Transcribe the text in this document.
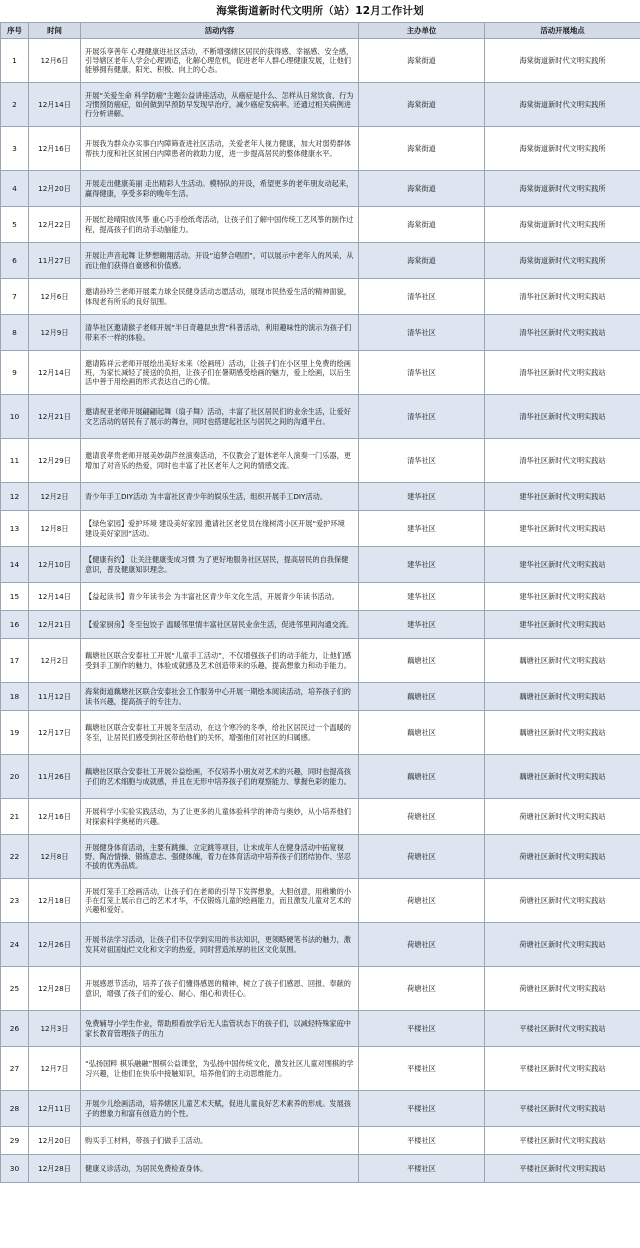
海棠街道新时代文明所（站）12月工作计划
序号	时间	活动内容	主办单位	活动开展地点
1	12月6日	开展乐享善年 心理健康进社区活动，不断增强辖区居民的获得感、幸福感、安全感，引导辖区老年人学会心理调适，化解心理危机，促进老年人群心理健康发展，让他们能够拥有健康、阳光、积极、向上的心态。	海棠街道	海棠街道新时代文明实践所
2	12月14日	开展“关爱生命 科学防癌”主题公益讲座活动，从癌症是什么、怎样从日常饮食、行为习惯预防癌症，如何做到早预防早发现早治疗，减少癌症发病率。还通过相关病例进行分析讲解。	海棠街道	海棠街道新时代文明实践所
3	12月16日	开展我为群众办实事白内障筛查进社区活动，关爱老年人视力健康，加大对弱势群体帮扶力度和社区贫困白内障患者的救助力度，进一步提高居民的整体健康水平。	海棠街道	海棠街道新时代文明实践所
4	12月20日	开展走出健康美丽 走出精彩人生活动。模特队的开设，希望更多的老年朋友动起来，赢得健康，享受多彩的晚年生活。	海棠街道	海棠街道新时代文明实践所
5	12月22日	开展忙趁晴阳放风筝 重心巧手绘纸鸢活动，让孩子们了解中国传统工艺风筝的制作过程，提高孩子们的动手动脑能力。	海棠街道	海棠街道新时代文明实践所
6	11月27日	开展让声音起舞 让梦想翱翔活动。开设“追梦合唱团”，可以展示中老年人的风采，从而让他们获得自豪感和价值感。	海棠街道	海棠街道新时代文明实践所
7	12月6日	邀请孙玲兰老师开展柔力球全民健身活动志愿活动，展现市民热爱生活的精神面貌，体现老有所乐的良好氛围。	清华社区	清华社区新时代文明实践站
8	12月9日	清华社区邀请猴子老师开展“半日奇趣昆虫营”科普活动，利用趣味性的演示为孩子们带来不一样的体验。	清华社区	清华社区新时代文明实践站
9	12月14日	邀请陈祥云老师开展绘出美好未来（绘画班）活动，让孩子们在小区里上免费的绘画班，为家长减轻了接送的负担，让孩子们在暑期感受绘画的魅力，爱上绘画，以后生活中善于用绘画的形式表达自己的心情。	清华社区	清华社区新时代文明实践站
10	12月21日	邀请祝亚老师开展翩翩起舞（扇子舞）活动，丰富了社区居民们的业余生活，让爱好文艺活动的居民有了展示的舞台，同时也搭建起社区与居民之间的沟通平台。	清华社区	清华社区新时代文明实践站
11	12月29日	邀请袁孝贵老师开展美妙葫芦丝演奏活动，不仅教会了退休老年人演奏一门乐器，更增加了对音乐的热爱，同时也丰富了社区老年人之间的情感交流。	清华社区	清华社区新时代文明实践站
12	12月2日	青少年手工DIY活动 为丰富社区青少年的娱乐生活，组织开展手工DIY活动。	建华社区	建华社区新时代文明实践站
13	12月8日	【绿色家园】爱护环境 建设美好家园 邀请社区老党员在缘树湾小区开展“爱护环境 建设美好家园”活动。	建华社区	建华社区新时代文明实践站
14	12月10日	【健康有约】 让关注健康变成习惯 为了更好地服务社区居民，提高居民的自我保健意识，普及健康知识理念。	建华社区	建华社区新时代文明实践站
15	12月14日	【益起读书】青少年读书会 为丰富社区青少年文化生活，开展青少年读书活动。	建华社区	建华社区新时代文明实践站
16	12月21日	【爱家厨房】冬至包饺子 温暖邻里情丰富社区居民业余生活，促进邻里间沟通交流。	建华社区	建华社区新时代文明实践站
17	12月2日	藕塘社区联合安泰社工开展“儿童手工活动”，不仅增强孩子们的动手能力，让他们感受到手工制作的魅力，体验成就感及艺术创造带来的乐趣，提高想象力和动手能力。	藕塘社区	藕塘社区新时代文明实践站
18	11月12日	海棠街道藕塘社区联合安泰社会工作服务中心开展一期绘本阅读活动，培养孩子们的读书兴趣，提高孩子的专注力。	藕塘社区	藕塘社区新时代文明实践站
19	12月17日	藕塘社区联合安泰社工开展冬至活动，在这个寒冷的冬季，给社区居民过一个温暖的冬至，让居民们感受到社区带给他们的关怀，增强他们对社区的归属感。	藕塘社区	藕塘社区新时代文明实践站
20	11月26日	藕塘社区联合安泰社工开展公益绘画，不仅培养小朋友对艺术的兴趣，同时也提高孩子们的艺术细胞与成就感，并且在无形中培养孩子们的观察能力、掌握色彩的能力。	藕塘社区	藕塘社区新时代文明实践站
21	12月16日	开展科学小实验实践活动，为了让更多的儿童体验科学的神奇与奥妙，从小培养他们对探索科学奥秘的兴趣。	荷塘社区	荷塘社区新时代文明实践站
22	12月8日	开展健身体育活动，主要有跳操、立定跳等项目，让未成年人在健身活动中拓宽视野、陶冶情操、锻炼意志、强健体魄，着力在体育活动中培养孩子们团结协作、坚忍不拔的优秀品质。	荷塘社区	荷塘社区新时代文明实践站
23	12月18日	开展灯笼手工绘画活动，让孩子们在老师的引导下发挥想象，大胆创意，用稚嫩的小手在灯笼上展示自己的艺术才华，不仅锻炼儿童的绘画能力，而且激发儿童对艺术的兴趣和爱好。	荷塘社区	荷塘社区新时代文明实践站
24	12月26日	开展书法学习活动，让孩子们不仅学到实用的书法知识，更领略硬笔书法的魅力，激发其对祖国灿烂文化和文字的热爱，同时营造浓厚的社区文化氛围。	荷塘社区	荷塘社区新时代文明实践站
25	12月28日	开展感恩节活动，培养了孩子们懂得感恩的精神，树立了孩子们感恩、回报、奉献的意识，增强了孩子们的爱心、耐心、细心和责任心。	荷塘社区	荷塘社区新时代文明实践站
26	12月3日	免费辅导小学生作业，帮助照看放学后无人监管状态下的孩子们，以减轻特殊家庭中家长教育管理孩子的压力	平楼社区	平楼社区新时代文明实践站
27	12月7日	“弘扬国粹 棋乐融融”围棋公益课堂，为弘扬中国传统文化，激发社区儿童对围棋的学习兴趣，让他们在快乐中接触知识，培养他们的主动思维能力。	平楼社区	平楼社区新时代文明实践站
28	12月11日	开展少儿绘画活动，培养辖区儿童艺术天赋，促进儿童良好艺术素养的形成。发展孩子的想象力和富有创造力的个性。	平楼社区	平楼社区新时代文明实践站
29	12月20日	购买手工材料，带孩子们做手工活动。	平楼社区	平楼社区新时代文明实践站
30	12月28日	健康义诊活动，为居民免费检查身体。	平楼社区	平楼社区新时代文明实践站
